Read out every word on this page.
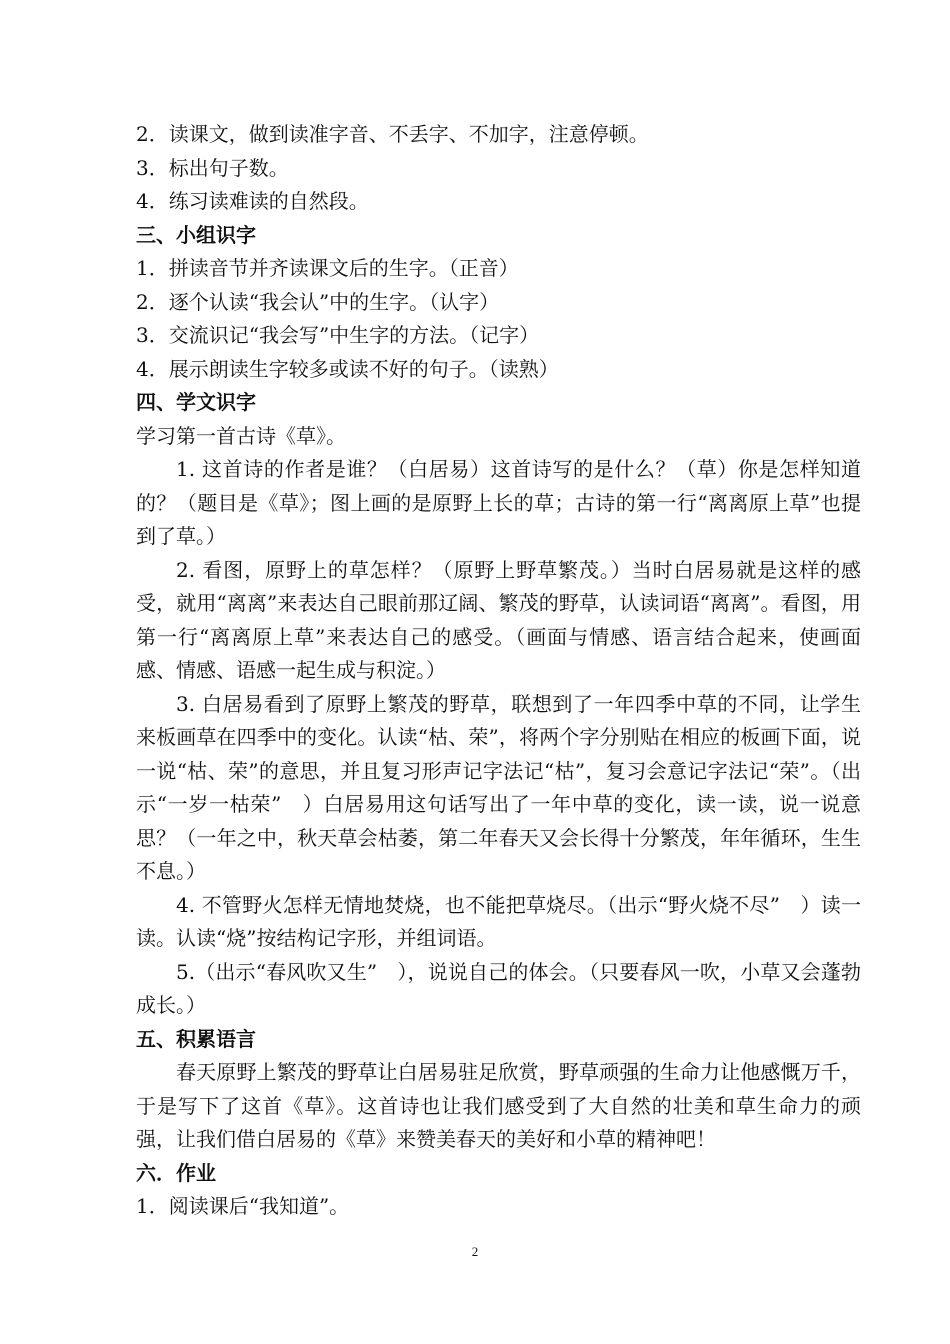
2．读课文，做到读准字音、不丢字、不加字，注意停顿。

3．标出句子数。

4．练习读难读的自然段。

三、小组识字

1．拼读音节并齐读课文后的生字。（正音）

2．逐个认读“我会认”中的生字。（认字）

3．交流识记“我会写”中生字的方法。（记字）

4．展示朗读生字较多或读不好的句子。（读熟）

四、学文识字

学习第一首古诗《草》。

1. 这首诗的作者是谁？（白居易）这首诗写的是什么？（草）你是怎样知道的？（题目是《草》；图上画的是原野上长的草；古诗的第一行“离离原上草”也提到了草。）

2. 看图，原野上的草怎样？（原野上野草繁茂。）当时白居易就是这样的感受，就用“离离”来表达自己眼前那辽阔、繁茂的野草，认读词语“离离”。看图，用第一行“离离原上草”来表达自己的感受。（画面与情感、语言结合起来，使画面感、情感、语感一起生成与积淀。）

3. 白居易看到了原野上繁茂的野草，联想到了一年四季中草的不同，让学生来板画草在四季中的变化。认读“枯、荣”，将两个字分别贴在相应的板画下面，说一说“枯、荣”的意思，并且复习形声记字法记“枯”，复习会意记字法记“荣”。（出示“一岁一枯荣”　）白居易用这句话写出了一年中草的变化，读一读，说一说意思？（一年之中，秋天草会枯萎，第二年春天又会长得十分繁茂，年年循环，生生不息。）

4. 不管野火怎样无情地焚烧，也不能把草烧尽。（出示“野火烧不尽”　）读一读。认读“烧”按结构记字形，并组词语。

5.（出示“春风吹又生”　），说说自己的体会。（只要春风一吹，小草又会蓬勃成长。）

五、积累语言

春天原野上繁茂的野草让白居易驻足欣赏，野草顽强的生命力让他感慨万千，于是写下了这首《草》。这首诗也让我们感受到了大自然的壮美和草生命力的顽强，让我们借白居易的《草》来赞美春天的美好和小草的精神吧！

六．作业

1．阅读课后“我知道”。

2
